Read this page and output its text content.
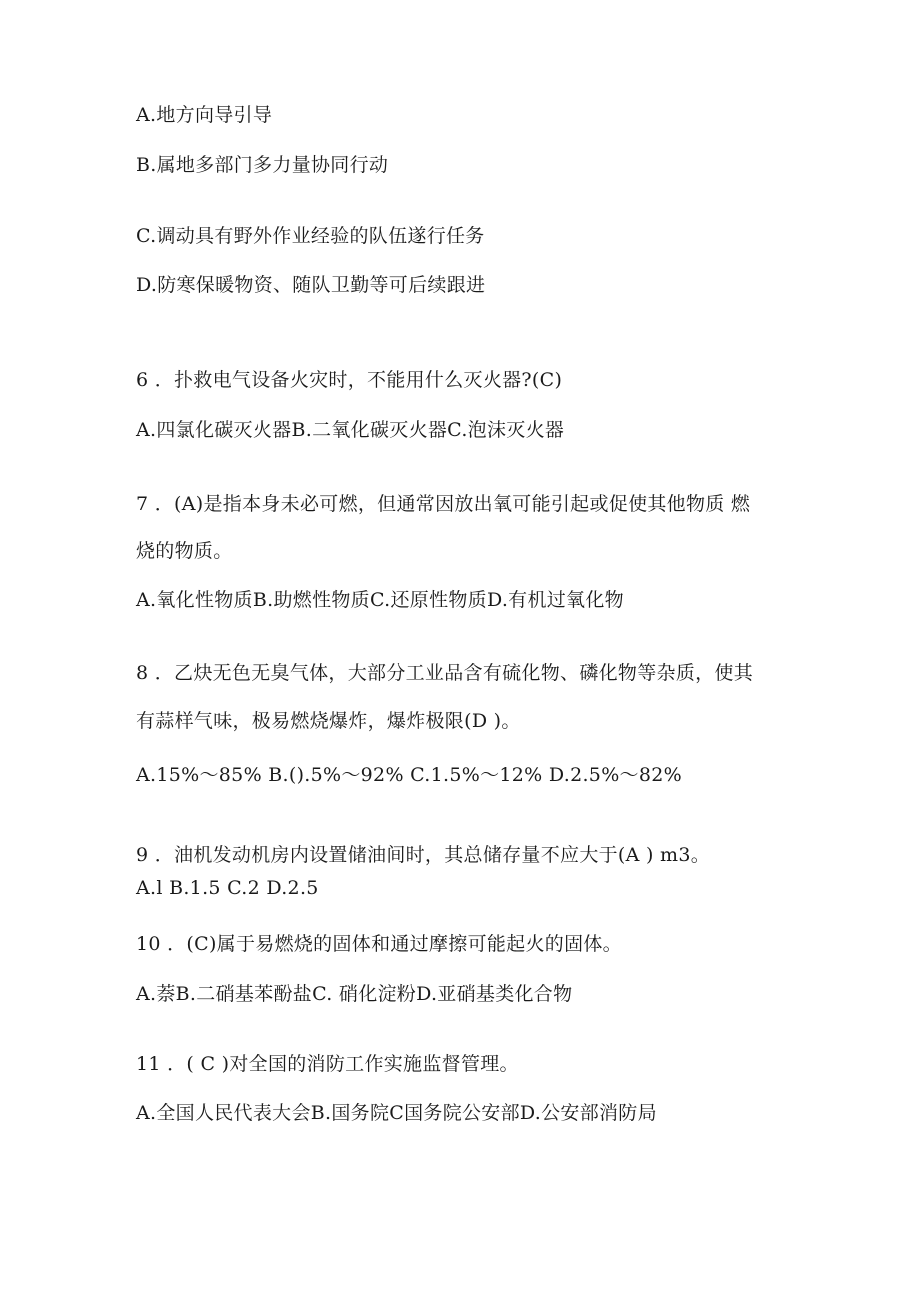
A.地方向导引导
B.属地多部门多力量协同行动
C.调动具有野外作业经验的队伍遂行任务
D.防寒保暖物资、随队卫勤等可后续跟进
6 ．扑救电气设备火灾时，不能用什么灭火器?(C)
A.四氯化碳灭火器B.二氧化碳灭火器C.泡沫灭火器
7 ．(A)是指本身未必可燃，但通常因放出氧可能引起或促使其他物质 燃
烧的物质。
A.氧化性物质B.助燃性物质C.还原性物质D.有机过氧化物
8 ．乙炔无色无臭气体，大部分工业品含有硫化物、磷化物等杂质，使其
有蒜样气味，极易燃烧爆炸，爆炸极限(D )。
A.15%～85% B.().5%～92% C.1.5%～12% D.2.5%～82%
9 ．油机发动机房内设置储油间时，其总储存量不应大于(A ) m3。
A.l B.1.5 C.2 D.2.5
10 ．(C)属于易燃烧的固体和通过摩擦可能起火的固体。
A.萘B.二硝基苯酚盐C. 硝化淀粉D.亚硝基类化合物
11 ．( C )对全国的消防工作实施监督管理。
A.全国人民代表大会B.国务院C国务院公安部D.公安部消防局
